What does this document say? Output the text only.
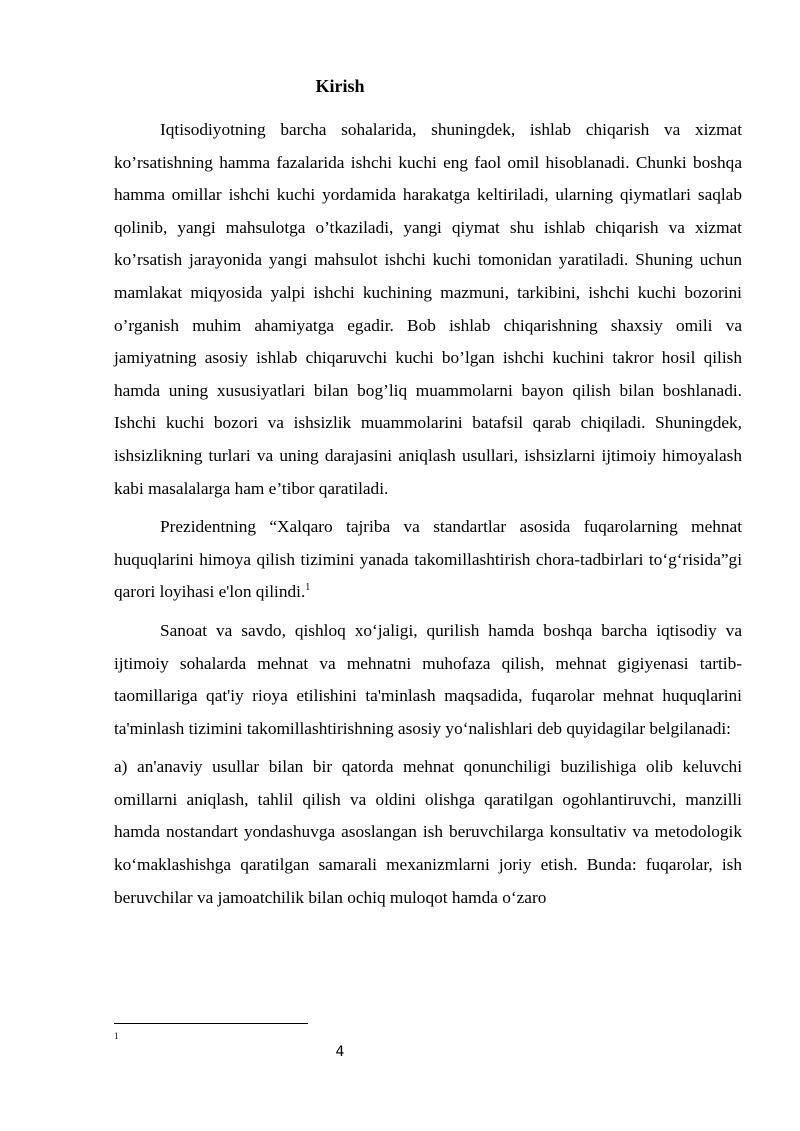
Kirish

Iqtisodiyotning barcha sohalarida, shuningdek, ishlab chiqarish va xizmat ko’rsatishning hamma fazalarida ishchi kuchi eng faol omil hisoblanadi. Chunki boshqa hamma omillar ishchi kuchi yordamida harakatga keltiriladi, ularning qiymatlari saqlab qolinib, yangi mahsulotga o’tkaziladi, yangi qiymat shu ishlab chiqarish va xizmat ko’rsatish jarayonida yangi mahsulot ishchi kuchi tomonidan yaratiladi. Shuning uchun mamlakat miqyosida yalpi ishchi kuchining mazmuni, tarkibini, ishchi kuchi bozorini o’rganish muhim ahamiyatga egadir. Bob ishlab chiqarishning shaxsiy omili va jamiyatning asosiy ishlab chiqaruvchi kuchi bo’lgan ishchi kuchini takror hosil qilish hamda uning xususiyatlari bilan bog’liq muammolarni bayon qilish bilan boshlanadi. Ishchi kuchi bozori va ishsizlik muammolarini batafsil qarab chiqiladi. Shuningdek, ishsizlikning turlari va uning darajasini aniqlash usullari, ishsizlarni ijtimoiy himoyalash kabi masalalarga ham e’tibor qaratiladi.

Prezidentning “Xalqaro tajriba va standartlar asosida fuqarolarning mehnat huquqlarini himoya qilish tizimini yanada takomillashtirish chora-tadbirlari to‘g‘risida”gi qarori loyihasi e'lon qilindi.$^1$

Sanoat va savdo, qishloq xo‘jaligi, qurilish hamda boshqa barcha iqtisodiy va ijtimoiy sohalarda mehnat va mehnatni muhofaza qilish, mehnat gigiyenasi tartib-taomillariga qat'iy rioya etilishini ta'minlash maqsadida, fuqarolar mehnat huquqlarini ta'minlash tizimini takomillashtirishning asosiy yo‘nalishlari deb quyidagilar belgilanadi:

a) an'anaviy usullar bilan bir qatorda mehnat qonunchiligi buzilishiga olib keluvchi omillarni aniqlash, tahlil qilish va oldini olishga qaratilgan ogohlantiruvchi, manzilli hamda nostandart yondashuvga asoslangan ish beruvchilarga konsultativ va metodologik ko‘maklashishga qaratilgan samarali mexanizmlarni joriy etish. Bunda: fuqarolar, ish beruvchilar va jamoatchilik bilan ochiq muloqot hamda o‘zaro

1
4
